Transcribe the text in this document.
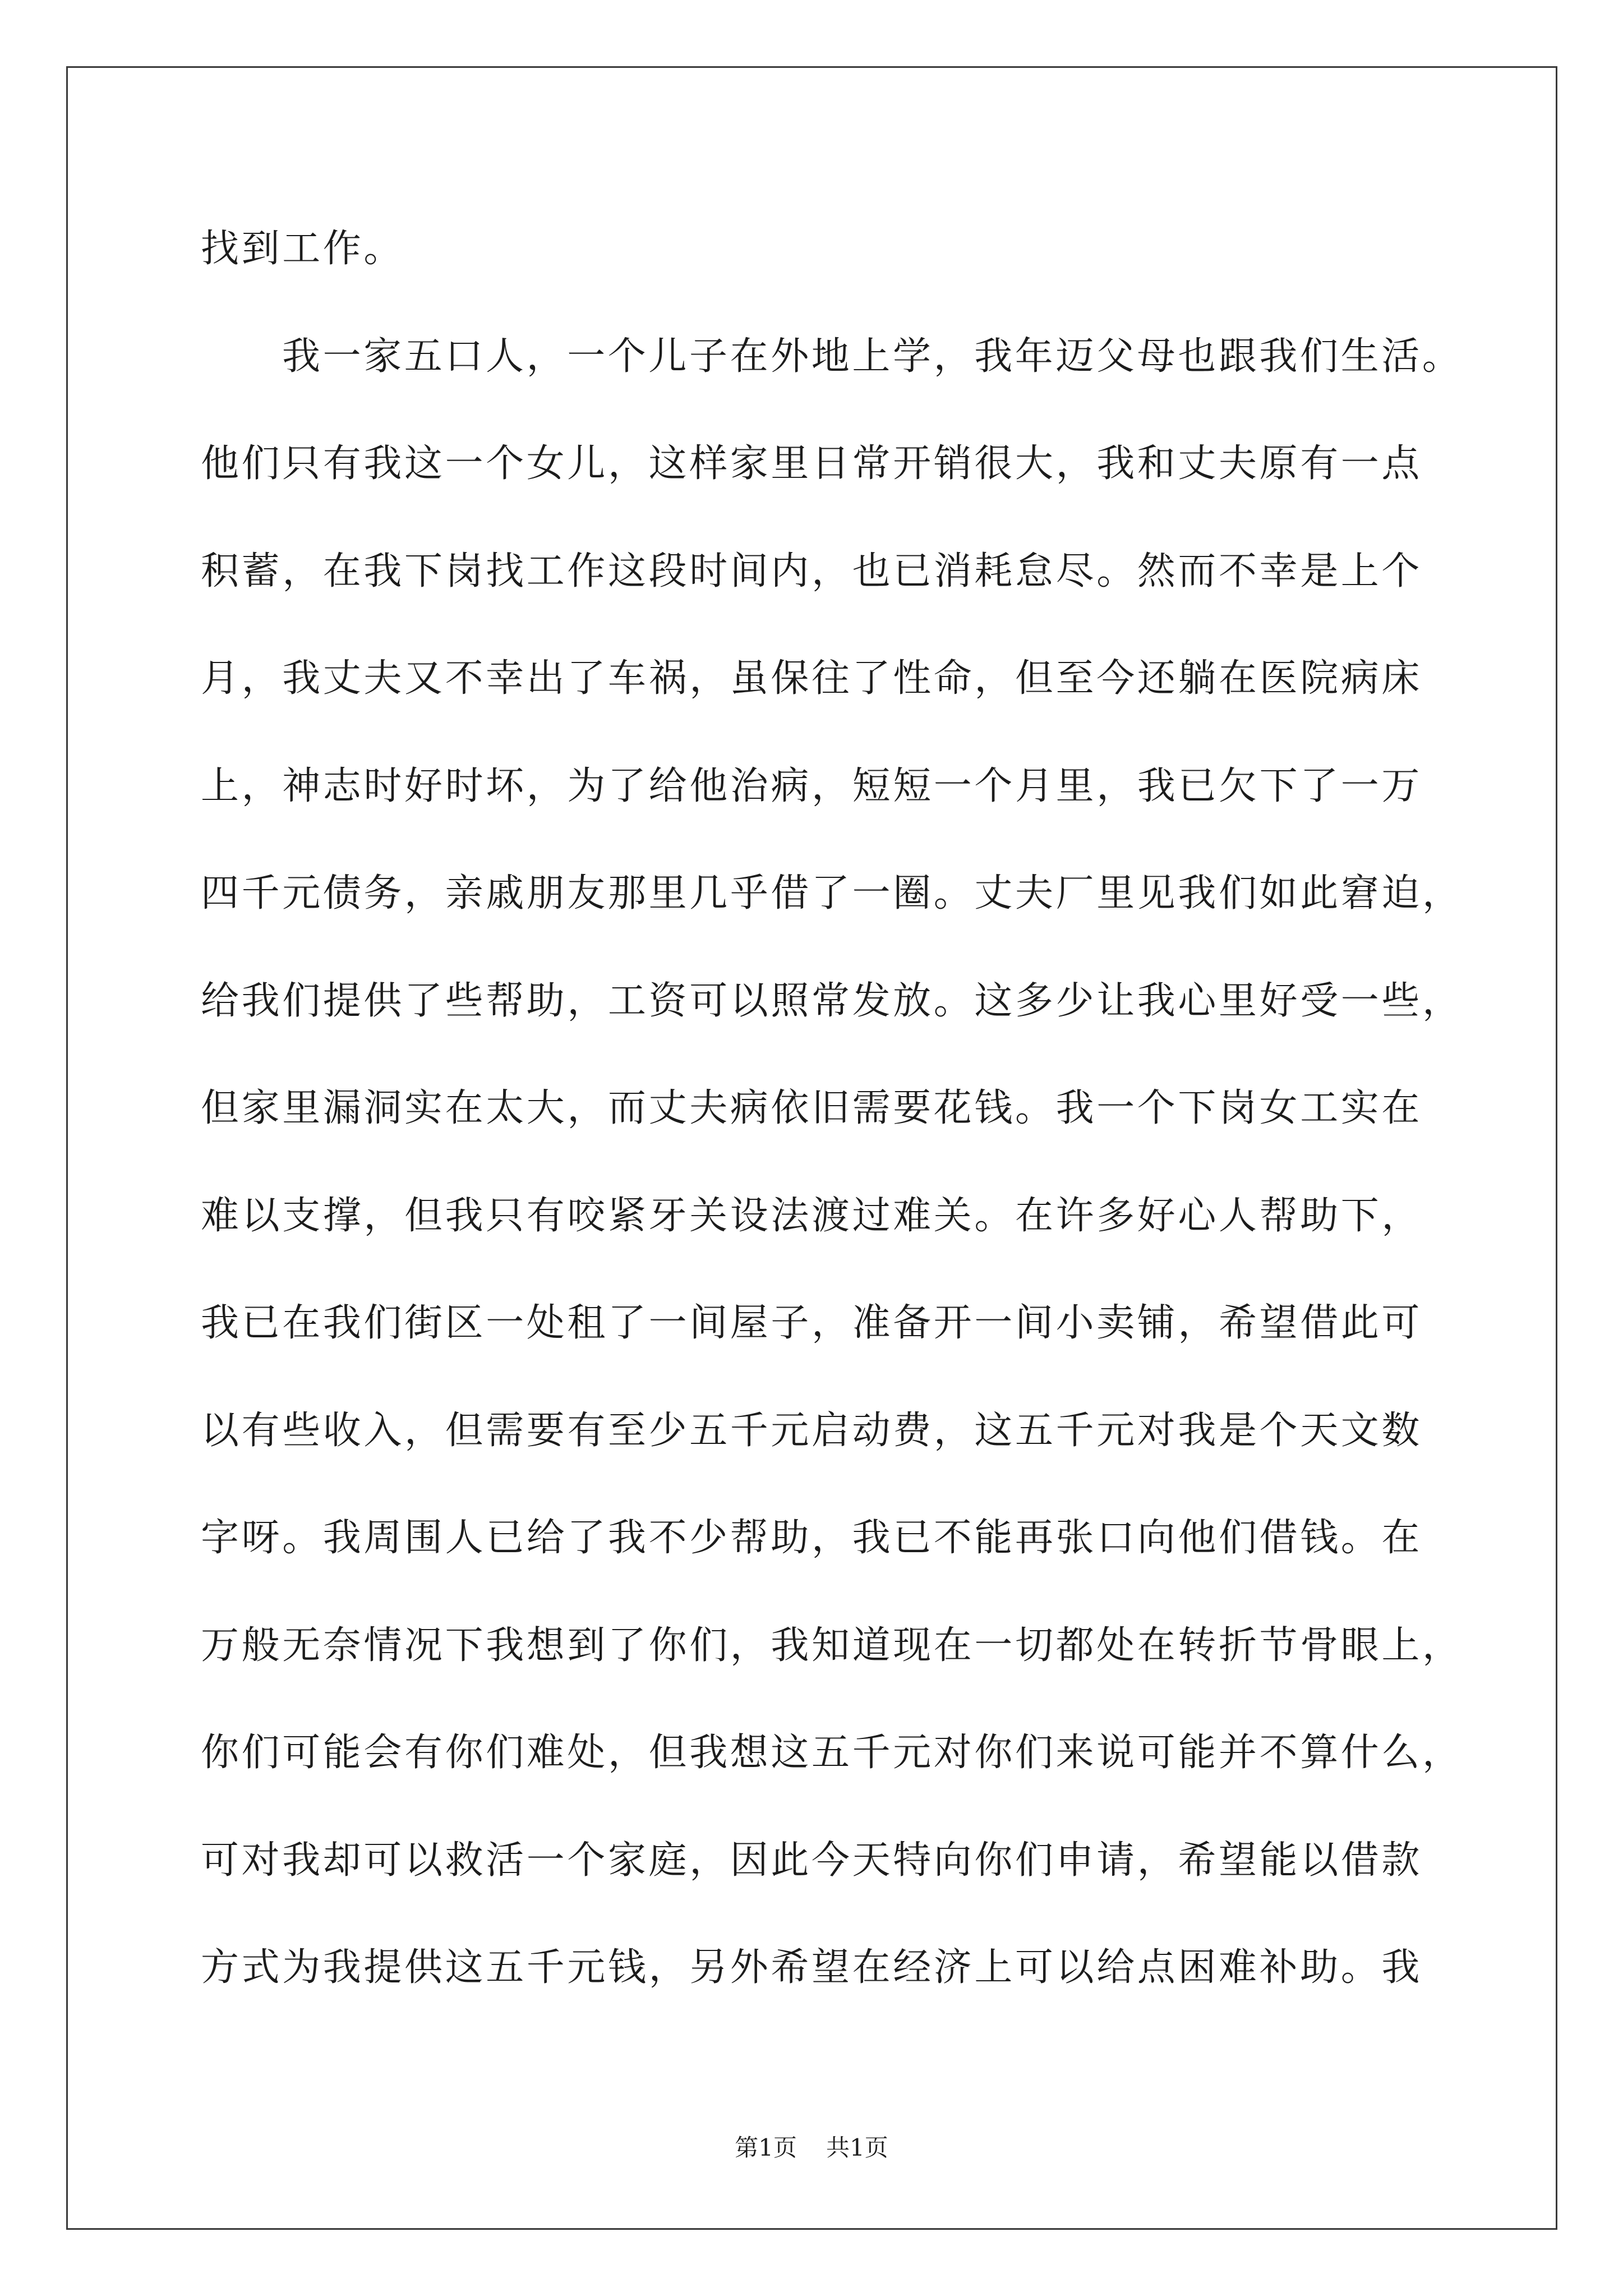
找到工作。
我一家五口人，一个儿子在外地上学，我年迈父母也跟我们生活。
他们只有我这一个女儿，这样家里日常开销很大，我和丈夫原有一点
积蓄，在我下岗找工作这段时间内，也已消耗怠尽。然而不幸是上个
月，我丈夫又不幸出了车祸，虽保往了性命，但至今还躺在医院病床
上，神志时好时坏，为了给他治病，短短一个月里，我已欠下了一万
四千元债务，亲戚朋友那里几乎借了一圈。丈夫厂里见我们如此窘迫，
给我们提供了些帮助，工资可以照常发放。这多少让我心里好受一些，
但家里漏洞实在太大，而丈夫病依旧需要花钱。我一个下岗女工实在
难以支撑，但我只有咬紧牙关设法渡过难关。在许多好心人帮助下，
我已在我们街区一处租了一间屋子，准备开一间小卖铺，希望借此可
以有些收入，但需要有至少五千元启动费，这五千元对我是个天文数
字呀。我周围人已给了我不少帮助，我已不能再张口向他们借钱。在
万般无奈情况下我想到了你们，我知道现在一切都处在转折节骨眼上，
你们可能会有你们难处，但我想这五千元对你们来说可能并不算什么，
可对我却可以救活一个家庭，因此今天特向你们申请，希望能以借款
方式为我提供这五千元钱，另外希望在经济上可以给点困难补助。我
第1页 共1页
